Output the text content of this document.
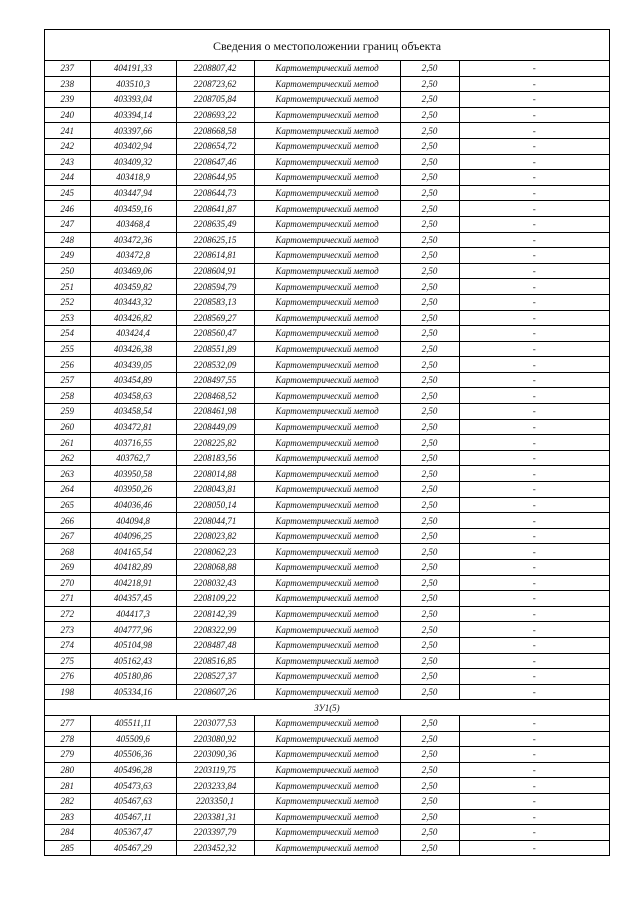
Сведения о местоположении границ объекта
237	404191,33	2208807,42	Картометрический метод	2,50	-
238	403510,3	2208723,62	Картометрический метод	2,50	-
239	403393,04	2208705,84	Картометрический метод	2,50	-
240	403394,14	2208693,22	Картометрический метод	2,50	-
241	403397,66	2208668,58	Картометрический метод	2,50	-
242	403402,94	2208654,72	Картометрический метод	2,50	-
243	403409,32	2208647,46	Картометрический метод	2,50	-
244	403418,9	2208644,95	Картометрический метод	2,50	-
245	403447,94	2208644,73	Картометрический метод	2,50	-
246	403459,16	2208641,87	Картометрический метод	2,50	-
247	403468,4	2208635,49	Картометрический метод	2,50	-
248	403472,36	2208625,15	Картометрический метод	2,50	-
249	403472,8	2208614,81	Картометрический метод	2,50	-
250	403469,06	2208604,91	Картометрический метод	2,50	-
251	403459,82	2208594,79	Картометрический метод	2,50	-
252	403443,32	2208583,13	Картометрический метод	2,50	-
253	403426,82	2208569,27	Картометрический метод	2,50	-
254	403424,4	2208560,47	Картометрический метод	2,50	-
255	403426,38	2208551,89	Картометрический метод	2,50	-
256	403439,05	2208532,09	Картометрический метод	2,50	-
257	403454,89	2208497,55	Картометрический метод	2,50	-
258	403458,63	2208468,52	Картометрический метод	2,50	-
259	403458,54	2208461,98	Картометрический метод	2,50	-
260	403472,81	2208449,09	Картометрический метод	2,50	-
261	403716,55	2208225,82	Картометрический метод	2,50	-
262	403762,7	2208183,56	Картометрический метод	2,50	-
263	403950,58	2208014,88	Картометрический метод	2,50	-
264	403950,26	2208043,81	Картометрический метод	2,50	-
265	404036,46	2208050,14	Картометрический метод	2,50	-
266	404094,8	2208044,71	Картометрический метод	2,50	-
267	404096,25	2208023,82	Картометрический метод	2,50	-
268	404165,54	2208062,23	Картометрический метод	2,50	-
269	404182,89	2208068,88	Картометрический метод	2,50	-
270	404218,91	2208032,43	Картометрический метод	2,50	-
271	404357,45	2208109,22	Картометрический метод	2,50	-
272	404417,3	2208142,39	Картометрический метод	2,50	-
273	404777,96	2208322,99	Картометрический метод	2,50	-
274	405104,98	2208487,48	Картометрический метод	2,50	-
275	405162,43	2208516,85	Картометрический метод	2,50	-
276	405180,86	2208527,37	Картометрический метод	2,50	-
198	405334,16	2208607,26	Картометрический метод	2,50	-
ЗУ1(5)					
277	405511,11	2203077,53	Картометрический метод	2,50	-
278	405509,6	2203080,92	Картометрический метод	2,50	-
279	405506,36	2203090,36	Картометрический метод	2,50	-
280	405496,28	2203119,75	Картометрический метод	2,50	-
281	405473,63	2203233,84	Картометрический метод	2,50	-
282	405467,63	2203350,1	Картометрический метод	2,50	-
283	405467,11	2203381,31	Картометрический метод	2,50	-
284	405367,47	2203397,79	Картометрический метод	2,50	-
285	405467,29	2203452,32	Картометрический метод	2,50	-
